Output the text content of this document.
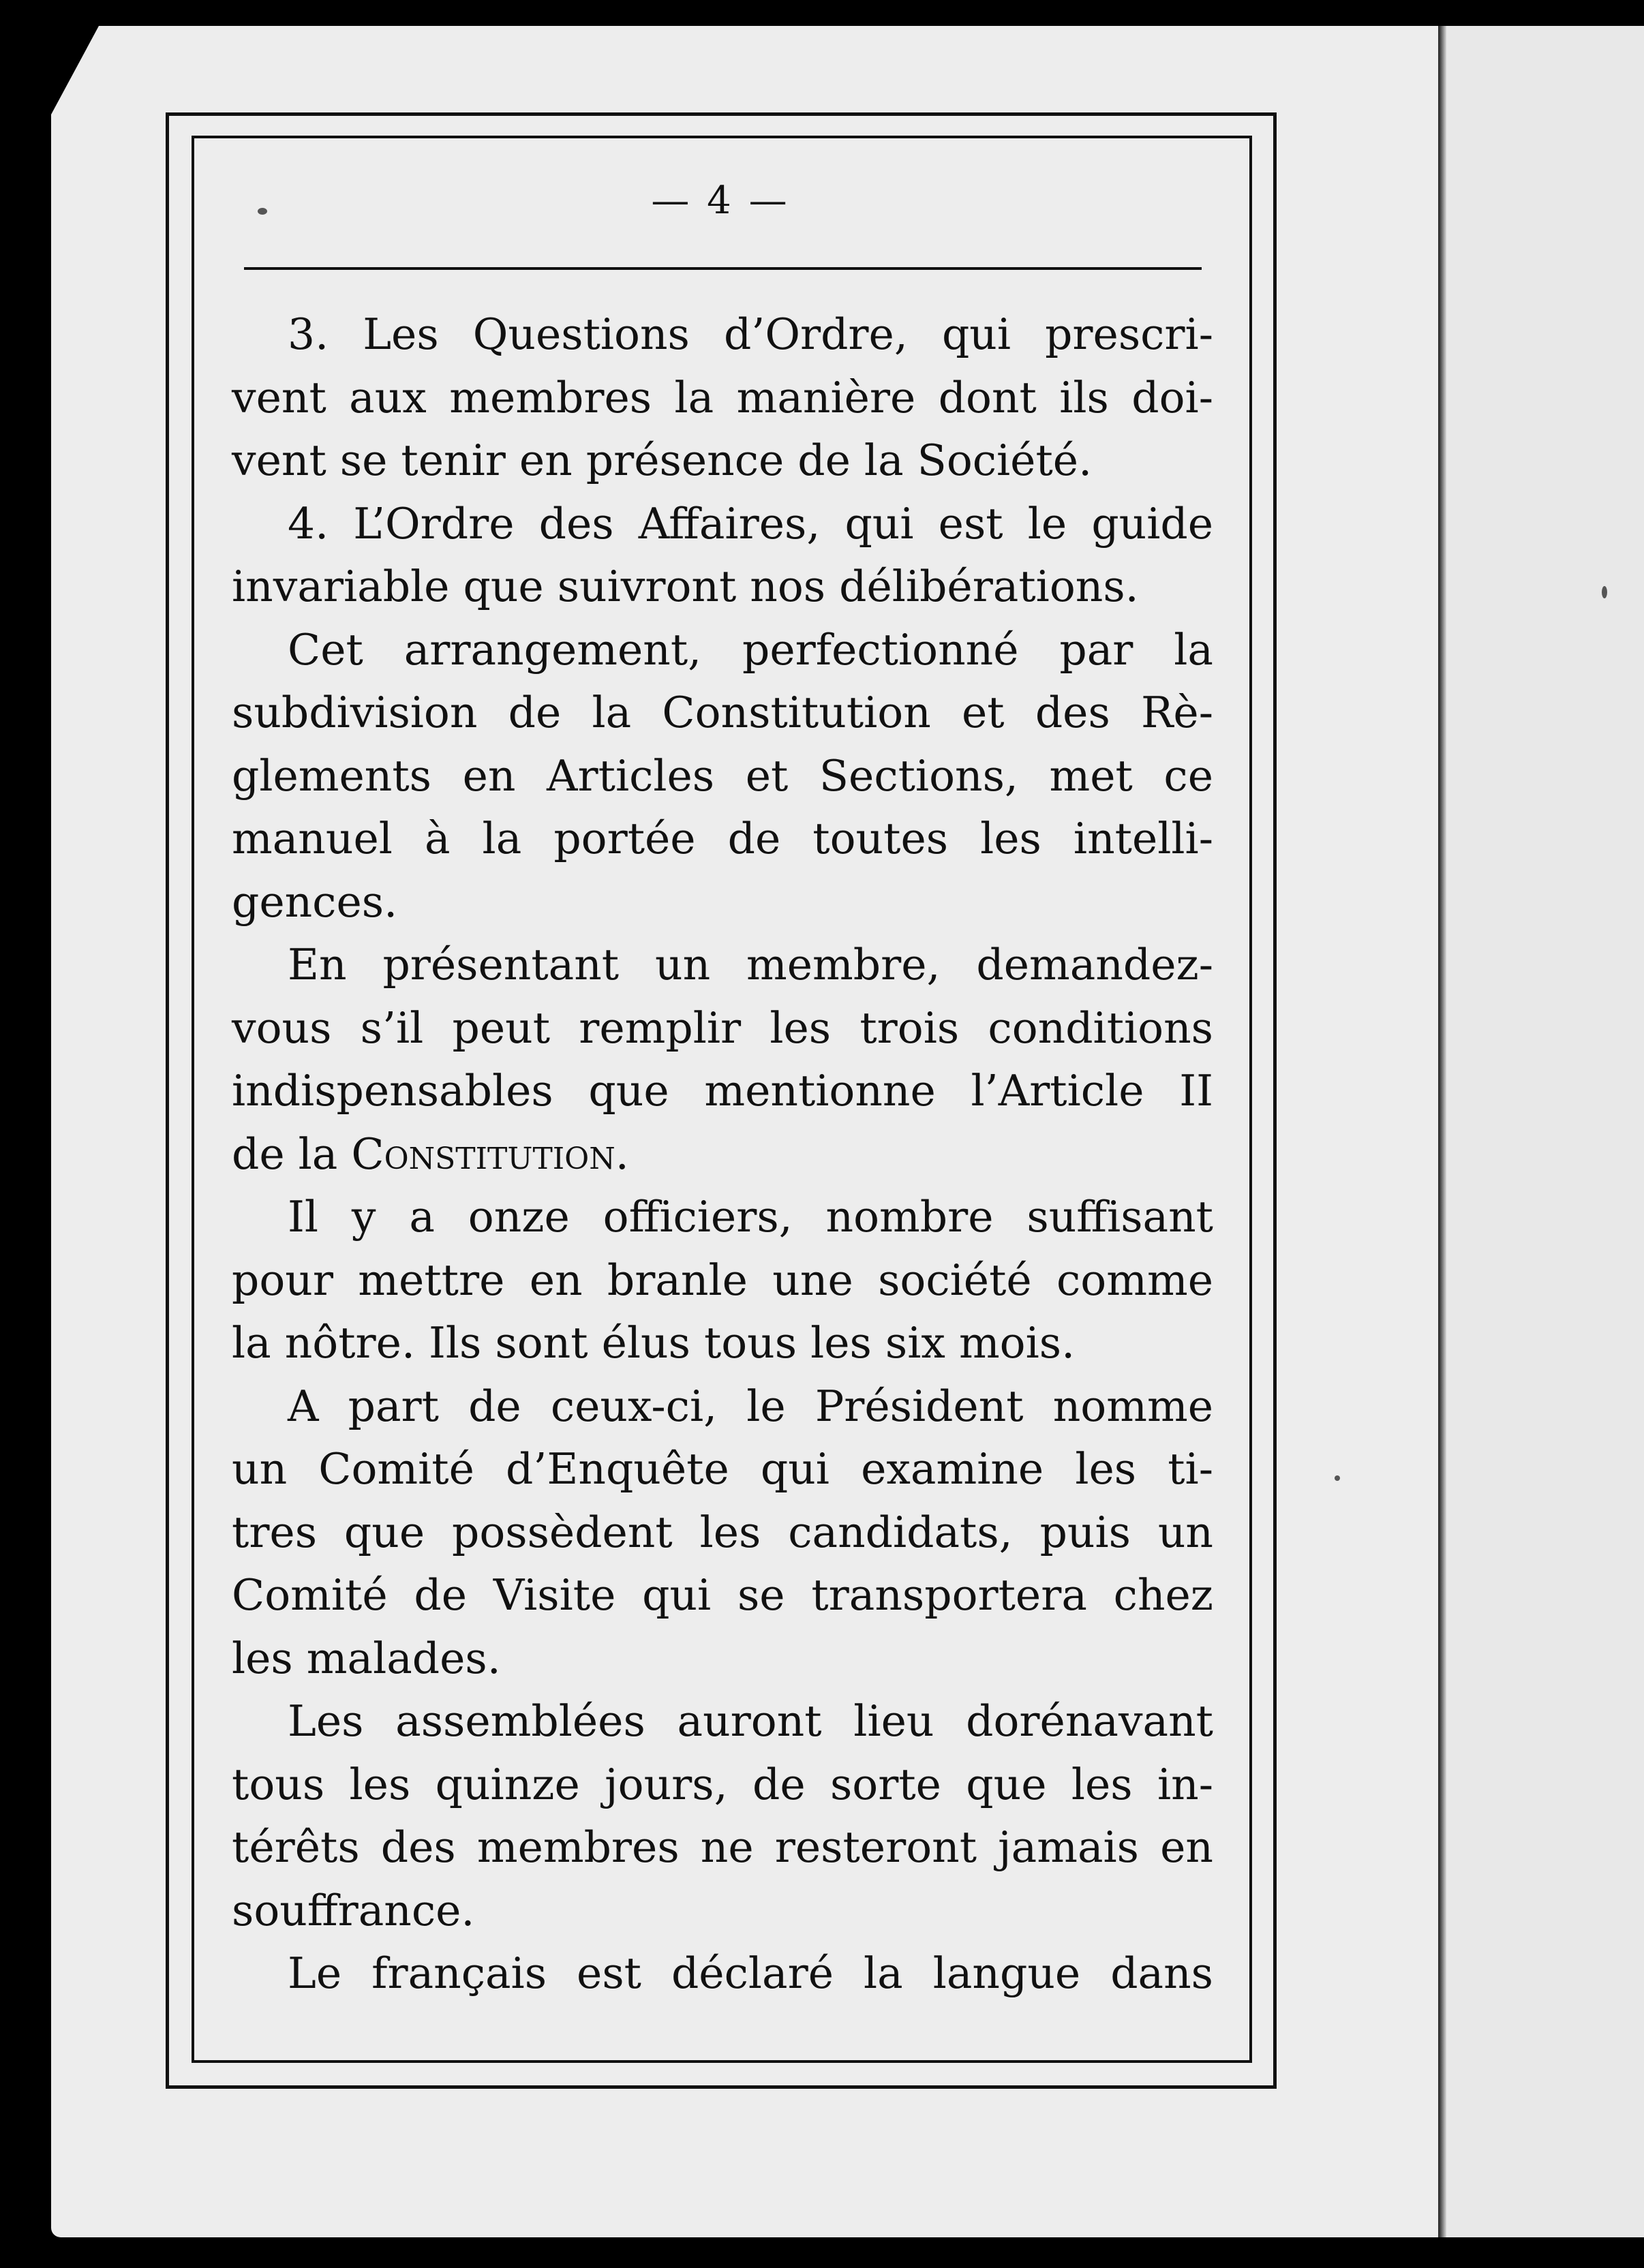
— 4 —
3. Les Questions d’Ordre, qui prescri-
vent aux membres la manière dont ils doi-
vent se tenir en présence de la Société.
4. L’Ordre des Affaires, qui est le guide
invariable que suivront nos délibérations.
Cet arrangement, perfectionné par la
subdivision de la Constitution et des Rè-
glements en Articles et Sections, met ce
manuel à la portée de toutes les intelli-
gences.
En présentant un membre, demandez-
vous s’il peut remplir les trois conditions
indispensables que mentionne l’Article II
de la Constitution.
Il y a onze officiers, nombre suffisant
pour mettre en branle une société comme
la nôtre. Ils sont élus tous les six mois.
A part de ceux-ci, le Président nomme
un Comité d’Enquête qui examine les ti-
tres que possèdent les candidats, puis un
Comité de Visite qui se transportera chez
les malades.
Les assemblées auront lieu dorénavant
tous les quinze jours, de sorte que les in-
térêts des membres ne resteront jamais en
souffrance.
Le français est déclaré la langue dans
